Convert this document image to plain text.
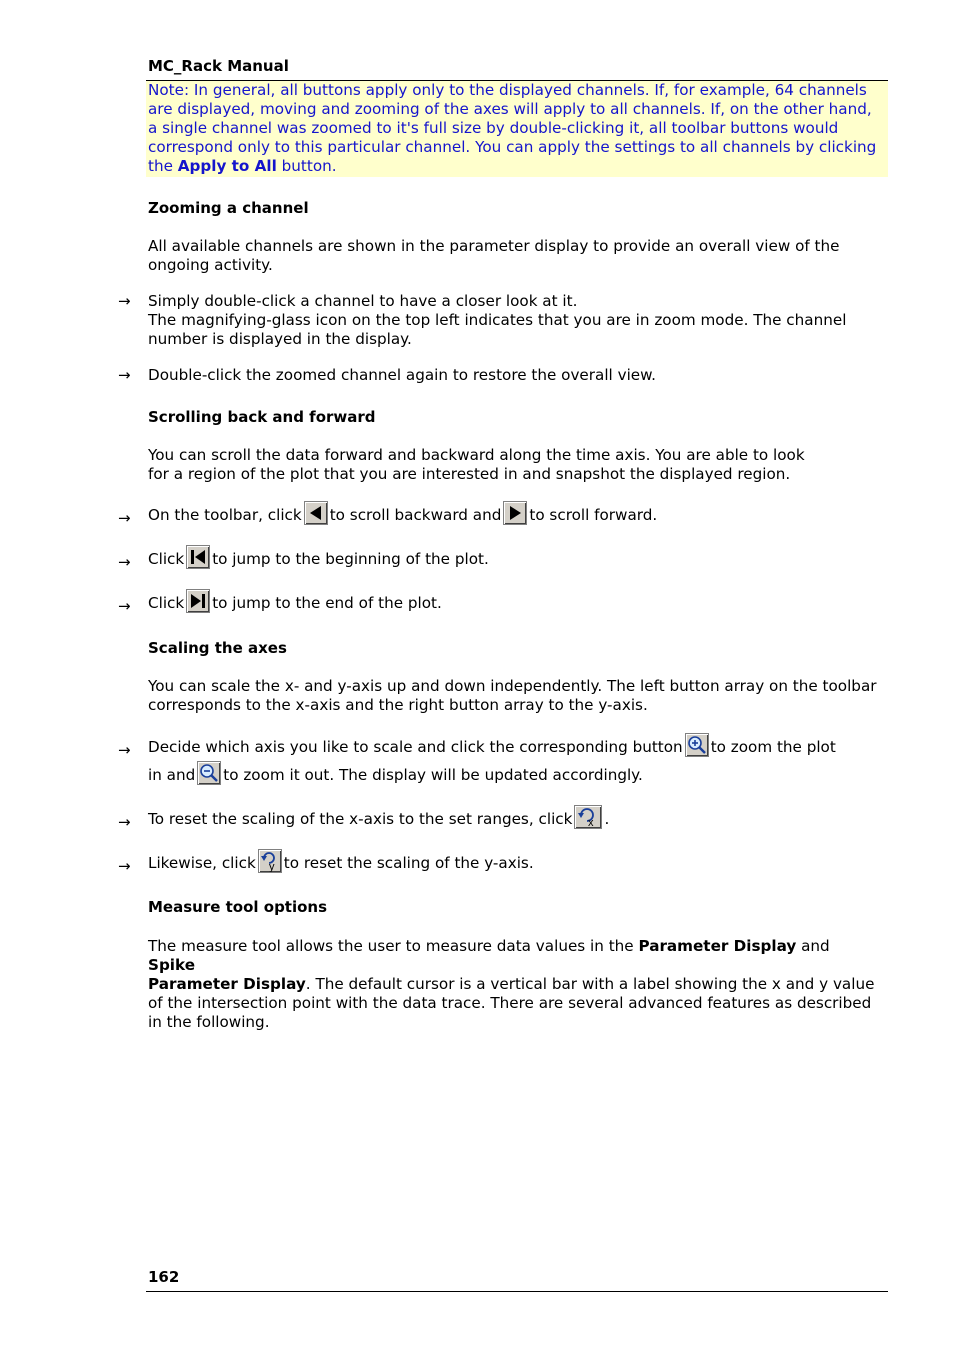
MC_Rack Manual
Note: In general, all buttons apply only to the displayed channels. If, for example, 64 channels
are displayed, moving and zooming of the axes will apply to all channels. If, on the other hand,
a single channel was zoomed to it's full size by double-clicking it, all toolbar buttons would
correspond only to this particular channel. You can apply the settings to all channels by clicking
the Apply to All button.
Zooming a channel
All available channels are shown in the parameter display to provide an overall view of the
ongoing activity.
→ Simply double-click a channel to have a closer look at it.
The magnifying-glass icon on the top left indicates that you are in zoom mode. The channel
number is displayed in the display.
→ Double-click the zoomed channel again to restore the overall view.
Scrolling back and forward
You can scroll the data forward and backward along the time axis. You are able to look
for a region of the plot that you are interested in and snapshot the displayed region.
→ On the toolbar, click to scroll backward and to scroll forward.
→ Click to jump to the beginning of the plot.
→ Click to jump to the end of the plot.
Scaling the axes
You can scale the x- and y-axis up and down independently. The left button array on the toolbar
corresponds to the x-axis and the right button array to the y-axis.
→ Decide which axis you like to scale and click the corresponding button to zoom the plot
in and to zoom it out. The display will be updated accordingly.
→ To reset the scaling of the x-axis to the set ranges, click x .
→ Likewise, click y to reset the scaling of the y-axis.
Measure tool options
The measure tool allows the user to measure data values in the Parameter Display and Spike
Parameter Display. The default cursor is a vertical bar with a label showing the x and y value
of the intersection point with the data trace. There are several advanced features as described
in the following.
162
